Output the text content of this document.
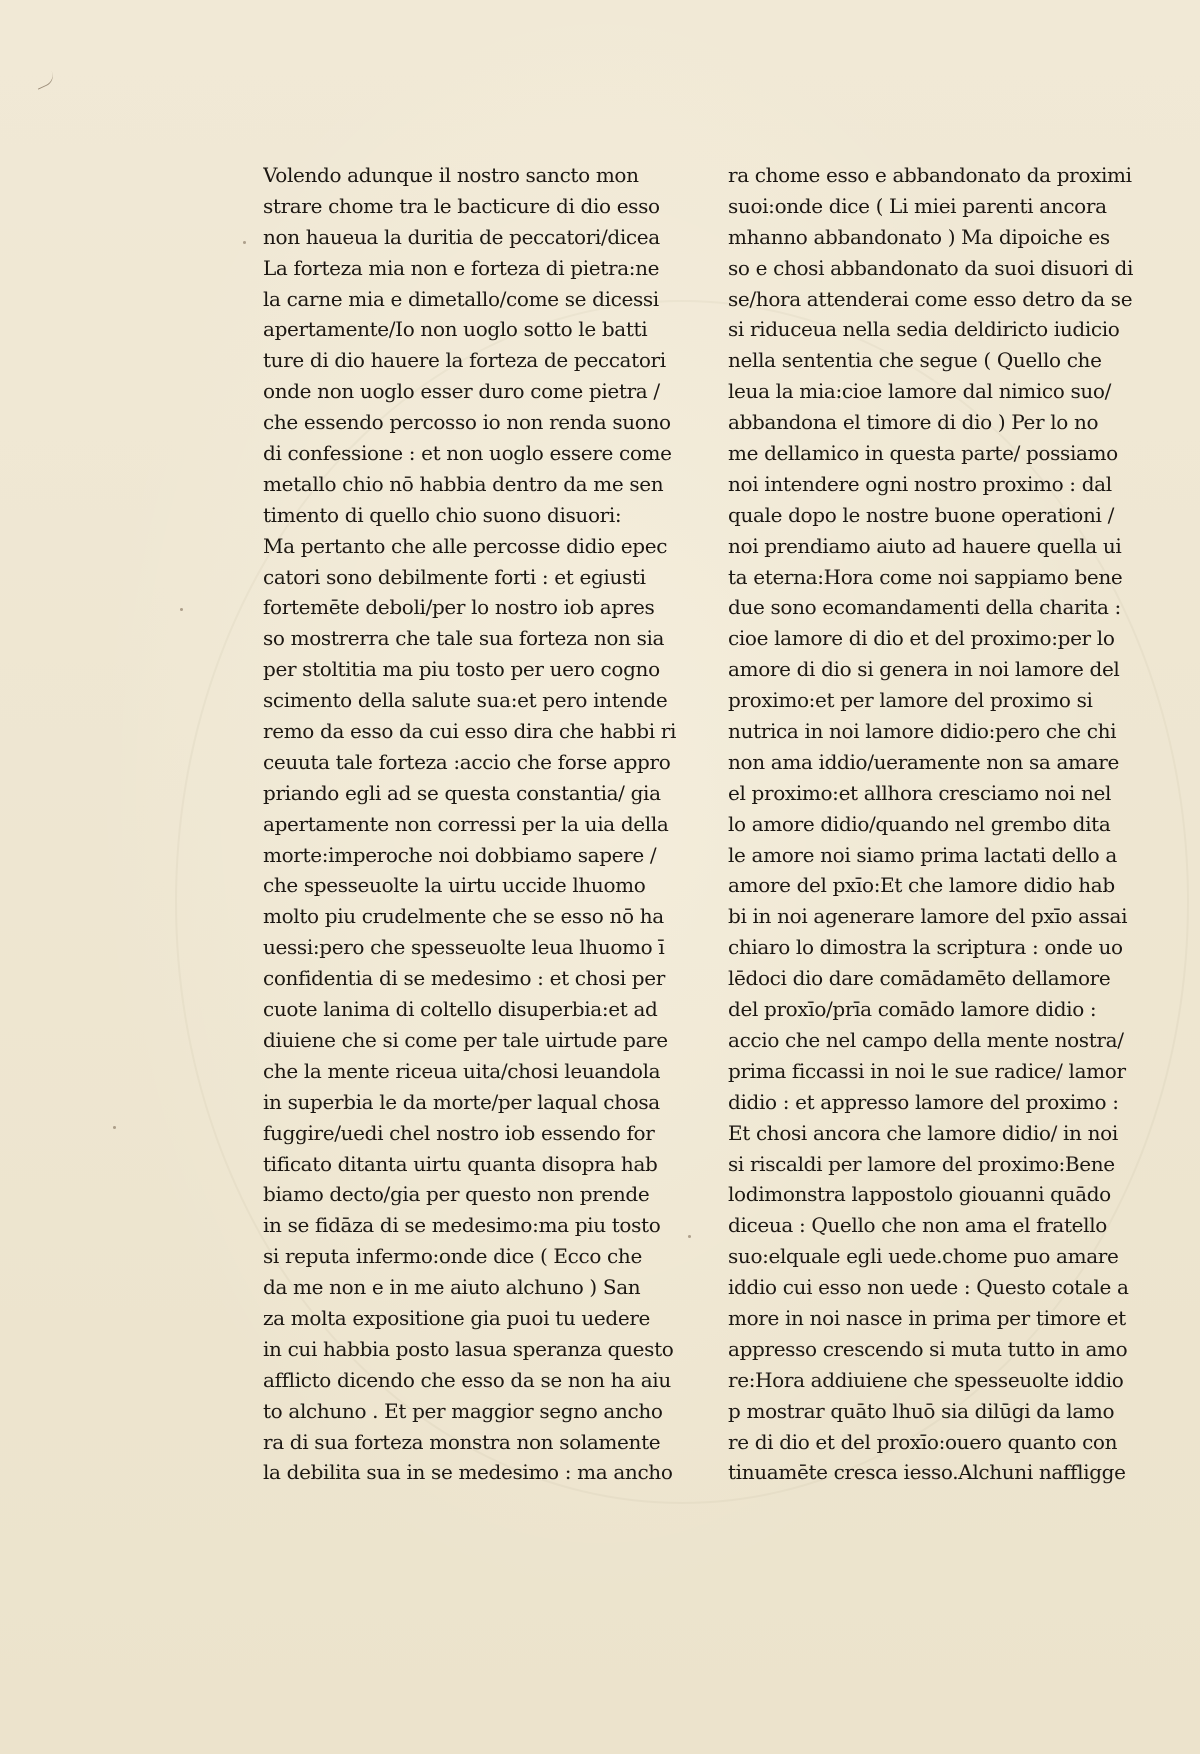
Volendo adunque il nostro sancto mon
strare chome tra le bacticure di dio esso
non haueua la duritia de peccatori/dicea
La forteza mia non e forteza di pietra:ne
la carne mia e dimetallo/come se dicessi
apertamente/Io non uoglo sotto le batti
ture di dio hauere la forteza de peccatori
onde non uoglo esser duro come pietra /
che essendo percosso io non renda suono
di confessione : et non uoglo essere come
metallo chio nō habbia dentro da me sen
timento di quello chio suono disuori:
Ma pertanto che alle percosse didio epec
catori sono debilmente forti : et egiusti
fortemēte deboli/per lo nostro iob apres
so mostrerra che tale sua forteza non sia
per stoltitia ma piu tosto per uero cogno
scimento della salute sua:et pero intende
remo da esso da cui esso dira che habbi ri
ceuuta tale forteza :accio che forse appro
priando egli ad se questa constantia/ gia
apertamente non corressi per la uia della
morte:imperoche noi dobbiamo sapere /
che spesseuolte la uirtu uccide lhuomo
molto piu crudelmente che se esso nō ha
uessi:pero che spesseuolte leua lhuomo ī
confidentia di se medesimo : et chosi per
cuote lanima di coltello disuperbia:et ad
diuiene che si come per tale uirtude pare
che la mente riceua uita/chosi leuandola
in superbia le da morte/per laqual chosa
fuggire/uedi chel nostro iob essendo for
tificato ditanta uirtu quanta disopra hab
biamo decto/gia per questo non prende
in se fidāza di se medesimo:ma piu tosto
si reputa infermo:onde dice ( Ecco che
da me non e in me aiuto alchuno ) San
za molta expositione gia puoi tu uedere
in cui habbia posto lasua speranza questo
afflicto dicendo che esso da se non ha aiu
to alchuno . Et per maggior segno ancho
ra di sua forteza monstra non solamente
la debilita sua in se medesimo : ma ancho
ra chome esso e abbandonato da proximi
suoi:onde dice ( Li miei parenti ancora
mhanno abbandonato ) Ma dipoiche es
so e chosi abbandonato da suoi disuori di
se/hora attenderai come esso detro da se
si riduceua nella sedia deldiricto iudicio
nella sententia che segue ( Quello che
leua la mia:cioe lamore dal nimico suo/
abbandona el timore di dio ) Per lo no
me dellamico in questa parte/ possiamo
noi intendere ogni nostro proximo : dal
quale dopo le nostre buone operationi /
noi prendiamo aiuto ad hauere quella ui
ta eterna:Hora come noi sappiamo bene
due sono ecomandamenti della charita :
cioe lamore di dio et del proximo:per lo
amore di dio si genera in noi lamore del
proximo:et per lamore del proximo si
nutrica in noi lamore didio:pero che chi
non ama iddio/ueramente non sa amare
el proximo:et allhora cresciamo noi nel
lo amore didio/quando nel grembo dita
le amore noi siamo prima lactati dello a
amore del pxīo:Et che lamore didio hab
bi in noi agenerare lamore del pxīo assai
chiaro lo dimostra la scriptura : onde uo
lēdoci dio dare comādamēto dellamore
del proxīo/prīa comādo lamore didio :
accio che nel campo della mente nostra/
prima ficcassi in noi le sue radice/ lamor
didio : et appresso lamore del proximo :
Et chosi ancora che lamore didio/ in noi
si riscaldi per lamore del proximo:Bene
lodimonstra lappostolo giouanni quādo
diceua : Quello che non ama el fratello
suo:elquale egli uede.chome puo amare
iddio cui esso non uede : Questo cotale a
more in noi nasce in prima per timore et
appresso crescendo si muta tutto in amo
re:Hora addiuiene che spesseuolte iddio
p mostrar quāto lhuō sia dilūgi da lamo
re di dio et del proxīo:ouero quanto con
tinuamēte cresca iesso.Alchuni naffligge
